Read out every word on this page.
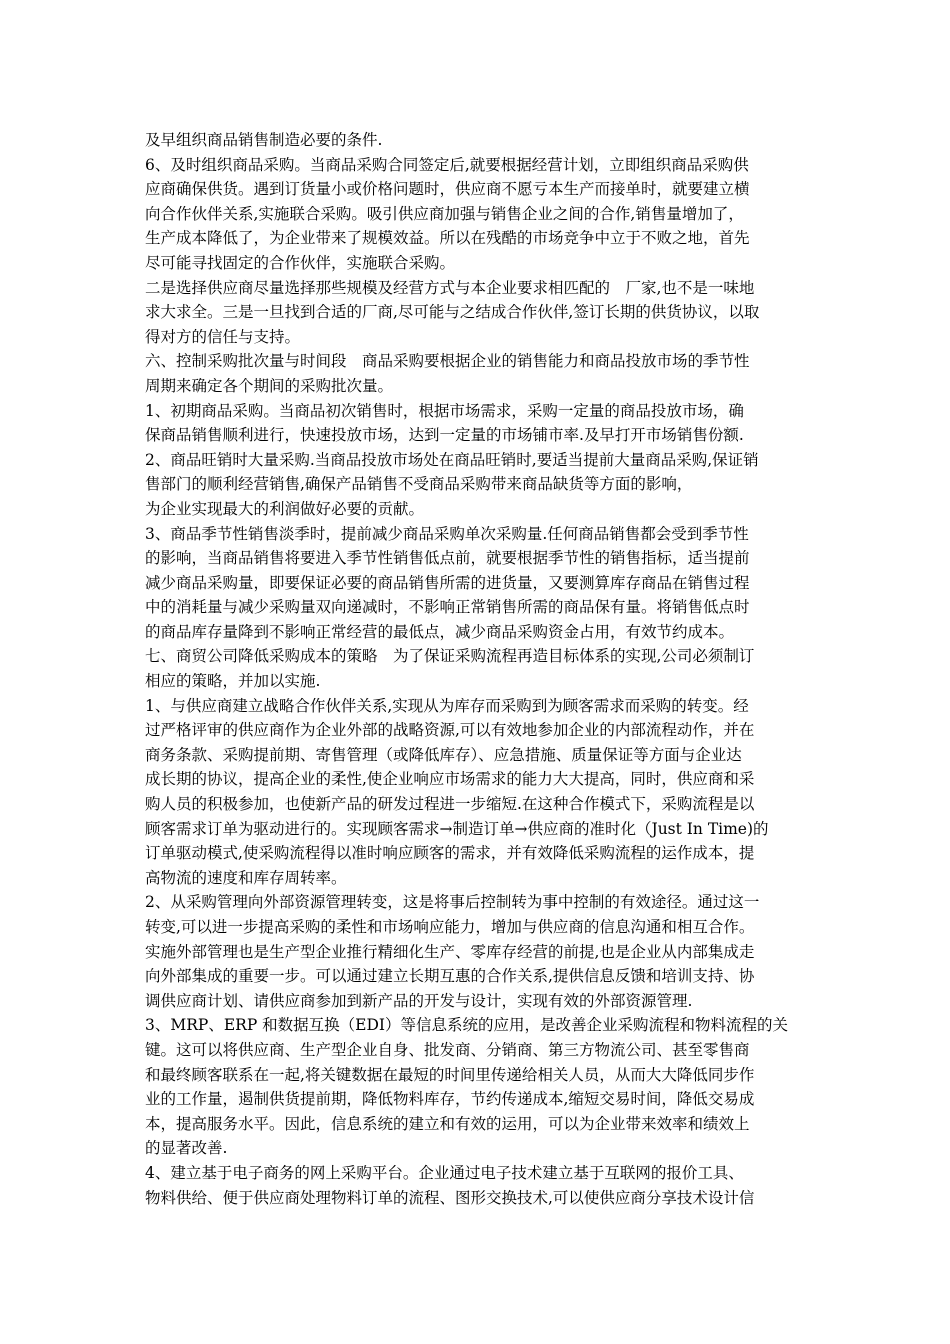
及早组织商品销售制造必要的条件.
6、及时组织商品采购。当商品采购合同签定后,就要根据经营计划，立即组织商品采购供
应商确保供货。遇到订货量小或价格问题时，供应商不愿亏本生产而接单时，就要建立横
向合作伙伴关系,实施联合采购。吸引供应商加强与销售企业之间的合作,销售量增加了，
生产成本降低了，为企业带来了规模效益。所以在残酷的市场竞争中立于不败之地，首先
尽可能寻找固定的合作伙伴，实施联合采购。
二是选择供应商尽量选择那些规模及经营方式与本企业要求相匹配的　厂家,也不是一味地
求大求全。三是一旦找到合适的厂商,尽可能与之结成合作伙伴,签订长期的供货协议，以取
得对方的信任与支持。
六、控制采购批次量与时间段　商品采购要根据企业的销售能力和商品投放市场的季节性
周期来确定各个期间的采购批次量。
1、初期商品采购。当商品初次销售时，根据市场需求，采购一定量的商品投放市场，确
保商品销售顺利进行，快速投放市场，达到一定量的市场铺市率.及早打开市场销售份额.
2、商品旺销时大量采购.当商品投放市场处在商品旺销时,要适当提前大量商品采购,保证销
售部门的顺利经营销售,确保产品销售不受商品采购带来商品缺货等方面的影响，
为企业实现最大的利润做好必要的贡献。
3、商品季节性销售淡季时，提前减少商品采购单次采购量.任何商品销售都会受到季节性
的影响，当商品销售将要进入季节性销售低点前，就要根据季节性的销售指标，适当提前
减少商品采购量，即要保证必要的商品销售所需的进货量，又要测算库存商品在销售过程
中的消耗量与减少采购量双向递减时，不影响正常销售所需的商品保有量。将销售低点时
的商品库存量降到不影响正常经营的最低点，减少商品采购资金占用，有效节约成本。
七、商贸公司降低采购成本的策略　为了保证采购流程再造目标体系的实现,公司必须制订
相应的策略，并加以实施.
1、与供应商建立战略合作伙伴关系,实现从为库存而采购到为顾客需求而采购的转变。经
过严格评审的供应商作为企业外部的战略资源,可以有效地参加企业的内部流程动作，并在
商务条款、采购提前期、寄售管理（或降低库存）、应急措施、质量保证等方面与企业达
成长期的协议，提高企业的柔性,使企业响应市场需求的能力大大提高，同时，供应商和采
购人员的积极参加，也使新产品的研发过程进一步缩短.在这种合作模式下，采购流程是以
顾客需求订单为驱动进行的。实现顾客需求→制造订单→供应商的准时化（Just In Time)的
订单驱动模式,使采购流程得以准时响应顾客的需求，并有效降低采购流程的运作成本，提
高物流的速度和库存周转率。
2、从采购管理向外部资源管理转变，这是将事后控制转为事中控制的有效途径。通过这一
转变,可以进一步提高采购的柔性和市场响应能力，增加与供应商的信息沟通和相互合作。
实施外部管理也是生产型企业推行精细化生产、零库存经营的前提,也是企业从内部集成走
向外部集成的重要一步。可以通过建立长期互惠的合作关系,提供信息反馈和培训支持、协
调供应商计划、请供应商参加到新产品的开发与设计，实现有效的外部资源管理.
3、MRP、ERP 和数据互换（EDI）等信息系统的应用，是改善企业采购流程和物料流程的关
键。这可以将供应商、生产型企业自身、批发商、分销商、第三方物流公司、甚至零售商
和最终顾客联系在一起,将关键数据在最短的时间里传递给相关人员，从而大大降低同步作
业的工作量，遏制供货提前期，降低物料库存，节约传递成本,缩短交易时间，降低交易成
本，提高服务水平。因此，信息系统的建立和有效的运用，可以为企业带来效率和绩效上
的显著改善.
4、建立基于电子商务的网上采购平台。企业通过电子技术建立基于互联网的报价工具、
物料供给、便于供应商处理物料订单的流程、图形交换技术,可以使供应商分享技术设计信
